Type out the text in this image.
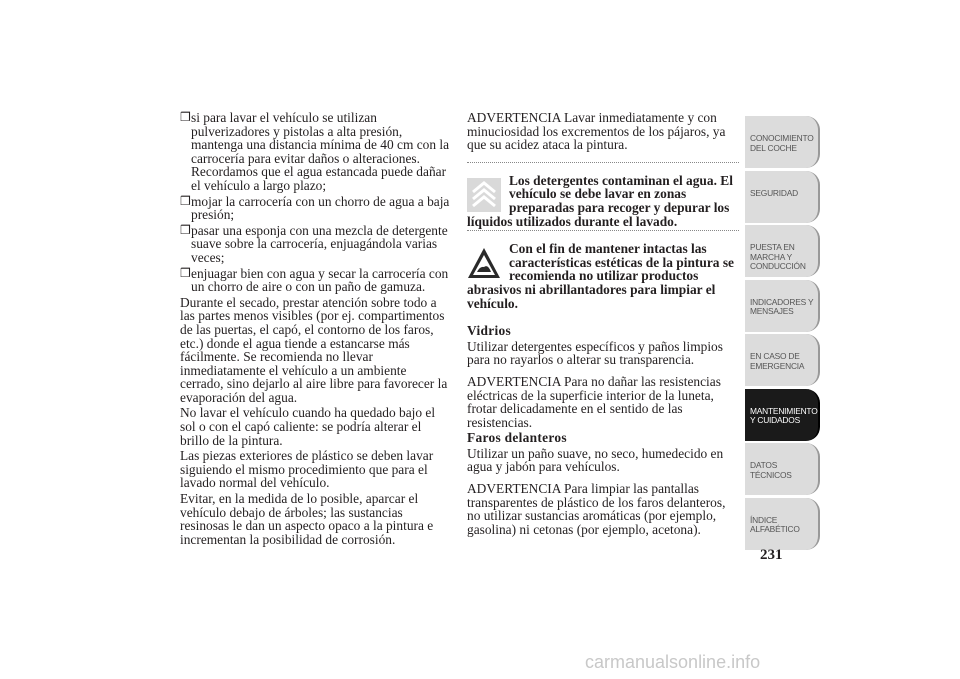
❒ si para lavar el vehículo se utilizan pulverizadores y pistolas a alta presión, mantenga una distancia mínima de 40 cm con la carrocería para evitar daños o alteraciones. Recordamos que el agua estancada puede dañar el vehículo a largo plazo;
❒ mojar la carrocería con un chorro de agua a baja presión;
❒ pasar una esponja con una mezcla de detergente suave sobre la carrocería, enjuagándola varias veces;
❒ enjuagar bien con agua y secar la carrocería con un chorro de aire o con un paño de gamuza.

Durante el secado, prestar atención sobre todo a las partes menos visibles (por ej. compartimentos de las puertas, el capó, el contorno de los faros, etc.) donde el agua tiende a estancarse más fácilmente. Se recomienda no llevar inmediatamente el vehículo a un ambiente cerrado, sino dejarlo al aire libre para favorecer la evaporación del agua.

No lavar el vehículo cuando ha quedado bajo el sol o con el capó caliente: se podría alterar el brillo de la pintura.

Las piezas exteriores de plástico se deben lavar siguiendo el mismo procedimiento que para el lavado normal del vehículo.

Evitar, en la medida de lo posible, aparcar el vehículo debajo de árboles; las sustancias resinosas le dan un aspecto opaco a la pintura e incrementan la posibilidad de corrosión.

ADVERTENCIA Lavar inmediatamente y con minuciosidad los excrementos de los pájaros, ya que su acidez ataca la pintura.

Los detergentes contaminan el agua. El vehículo se debe lavar en zonas preparadas para recoger y depurar los líquidos utilizados durante el lavado.
Con el fin de mantener intactas las características estéticas de la pintura se recomienda no utilizar productos abrasivos ni abrillantadores para limpiar el vehículo.
Vidrios

Utilizar detergentes específicos y paños limpios para no rayarlos o alterar su transparencia.

ADVERTENCIA Para no dañar las resistencias eléctricas de la superficie interior de la luneta, frotar delicadamente en el sentido de las resistencias.

Faros delanteros

Utilizar un paño suave, no seco, humedecido en agua y jabón para vehículos.

ADVERTENCIA Para limpiar las pantallas transparentes de plástico de los faros delanteros, no utilizar sustancias aromáticas (por ejemplo, gasolina) ni cetonas (por ejemplo, acetona).

CONOCIMIENTO DEL COCHE
SEGURIDAD
PUESTA EN MARCHA Y CONDUCCIÓN
INDICADORES Y MENSAJES
EN CASO DE EMERGENCIA
MANTENIMIENTO Y CUIDADOS
DATOS TÉCNICOS
ÍNDICE ALFABÉTICO
231
carmanualsonline.info
